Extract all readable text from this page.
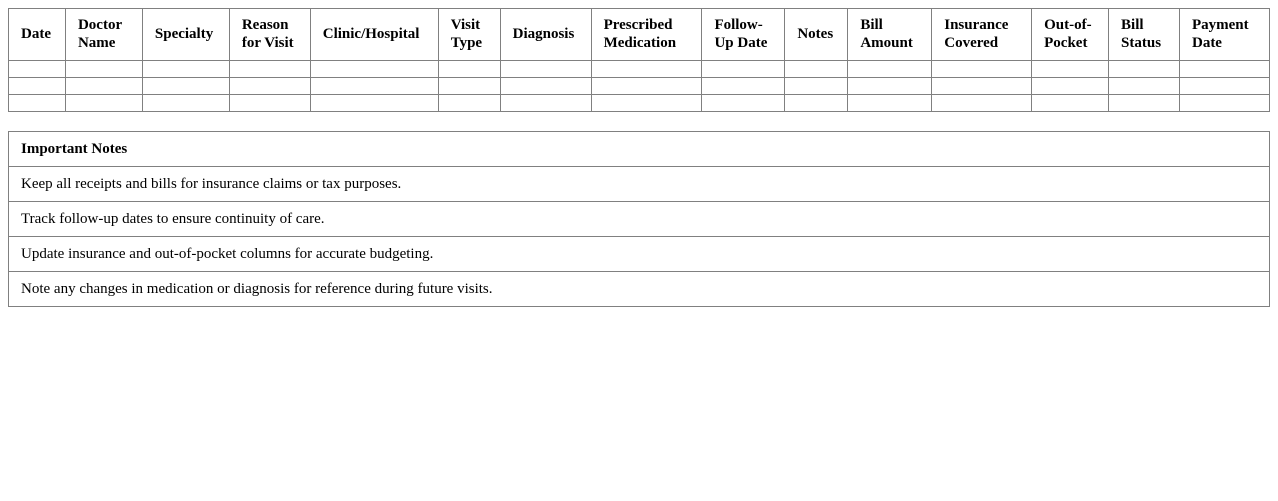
Date	Doctor Name	Specialty	Reason for Visit	Clinic/Hospital	Visit Type	Diagnosis	Prescribed Medication	Follow-Up Date	Notes	Bill Amount	Insurance Covered	Out-of-Pocket	Bill Status	Payment Date

Important Notes
Keep all receipts and bills for insurance claims or tax purposes.
Track follow-up dates to ensure continuity of care.
Update insurance and out-of-pocket columns for accurate budgeting.
Note any changes in medication or diagnosis for reference during future visits.
